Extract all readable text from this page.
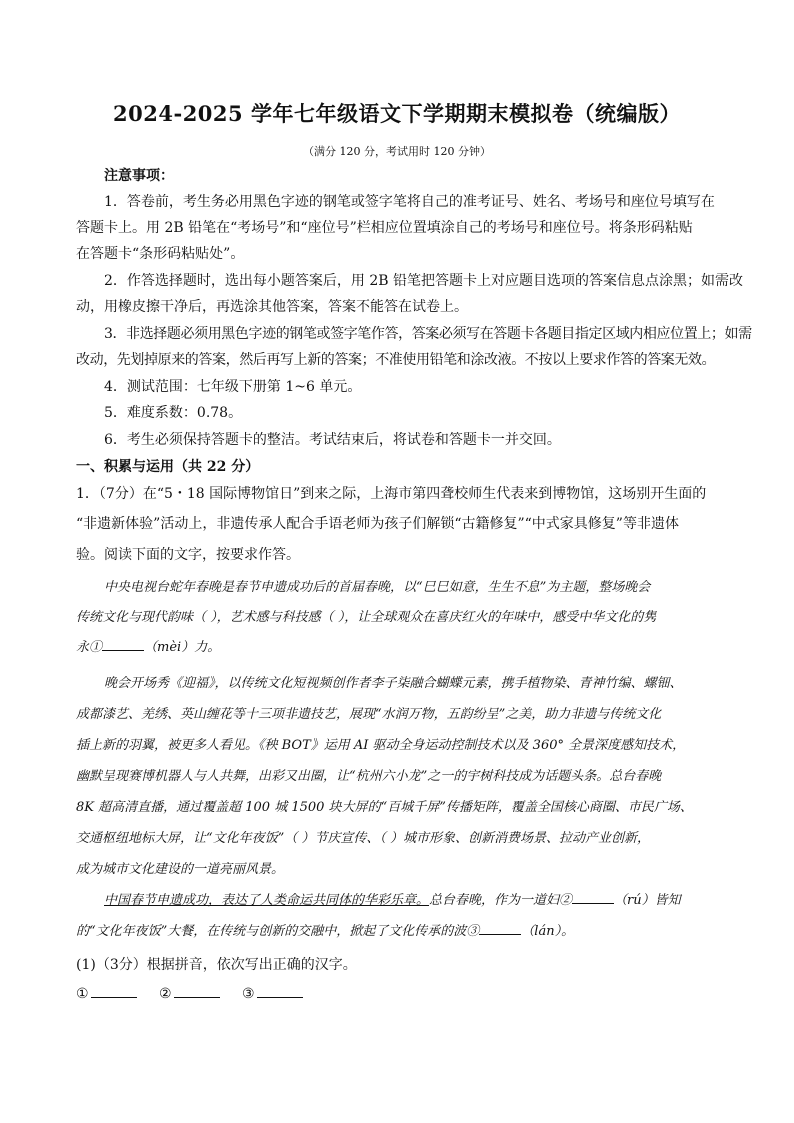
2024-2025 学年七年级语文下学期期末模拟卷（统编版）
（满分 120 分，考试用时 120 分钟）
注意事项：
1．答卷前，考生务必用黑色字迹的钢笔或签字笔将自己的准考证号、姓名、考场号和座位号填写在
答题卡上。用 2B 铅笔在“考场号”和“座位号”栏相应位置填涂自己的考场号和座位号。将条形码粘贴
在答题卡“条形码粘贴处”。
2．作答选择题时，选出每小题答案后，用 2B 铅笔把答题卡上对应题目选项的答案信息点涂黑；如需改
动，用橡皮擦干净后，再选涂其他答案，答案不能答在试卷上。
3．非选择题必须用黑色字迹的钢笔或签字笔作答，答案必须写在答题卡各题目指定区域内相应位置上；如需
改动，先划掉原来的答案，然后再写上新的答案；不准使用铅笔和涂改液。不按以上要求作答的答案无效。
4．测试范围：七年级下册第 1~6 单元。
5．难度系数：0.78。
6．考生必须保持答题卡的整洁。考试结束后，将试卷和答题卡一并交回。
一、积累与运用（共 22 分）
1．（7分）在“5・18 国际博物馆日”到来之际，上海市第四聋校师生代表来到博物馆，这场别开生面的
“非遗新体验”活动上，非遗传承人配合手语老师为孩子们解锁“古籍修复”“中式家具修复”等非遗体
验。阅读下面的文字，按要求作答。
中央电视台蛇年春晚是春节申遗成功后的首届春晚，以“巳巳如意，生生不息”为主题，整场晚会
传统文化与现代韵味（ ），艺术感与科技感（ ），让全球观众在喜庆红火的年味中，感受中华文化的隽
永①	（mèi）力。
晚会开场秀《迎福》，以传统文化短视频创作者李子柒融合蝴蝶元素，携手植物染、青神竹编、螺钿、
成都漆艺、羌绣、英山缠花等十三项非遗技艺，展现“水润万物，五韵纷呈”之美，助力非遗与传统文化
插上新的羽翼，被更多人看见。《秧 BOT》运用 AI 驱动全身运动控制技术以及 360° 全景深度感知技术，
幽默呈现赛博机器人与人共舞，出彩又出圈，让“杭州六小龙”之一的宇树科技成为话题头条。总台春晚
8K 超高清直播，通过覆盖超 100 城 1500 块大屏的“百城千屏”传播矩阵，覆盖全国核心商圈、市民广场、
交通枢纽地标大屏，让“文化年夜饭”（ ）节庆宣传、（ ）城市形象、创新消费场景、拉动产业创新，
成为城市文化建设的一道亮丽风景。
中国春节申遗成功，表达了人类命运共同体的华彩乐章。总台春晚，作为一道妇②	（rú）皆知
的“文化年夜饭”大餐，在传统与创新的交融中，掀起了文化传承的波③	（lán）。
(1)（3分）根据拼音，依次写出正确的汉字。
①	②	③
